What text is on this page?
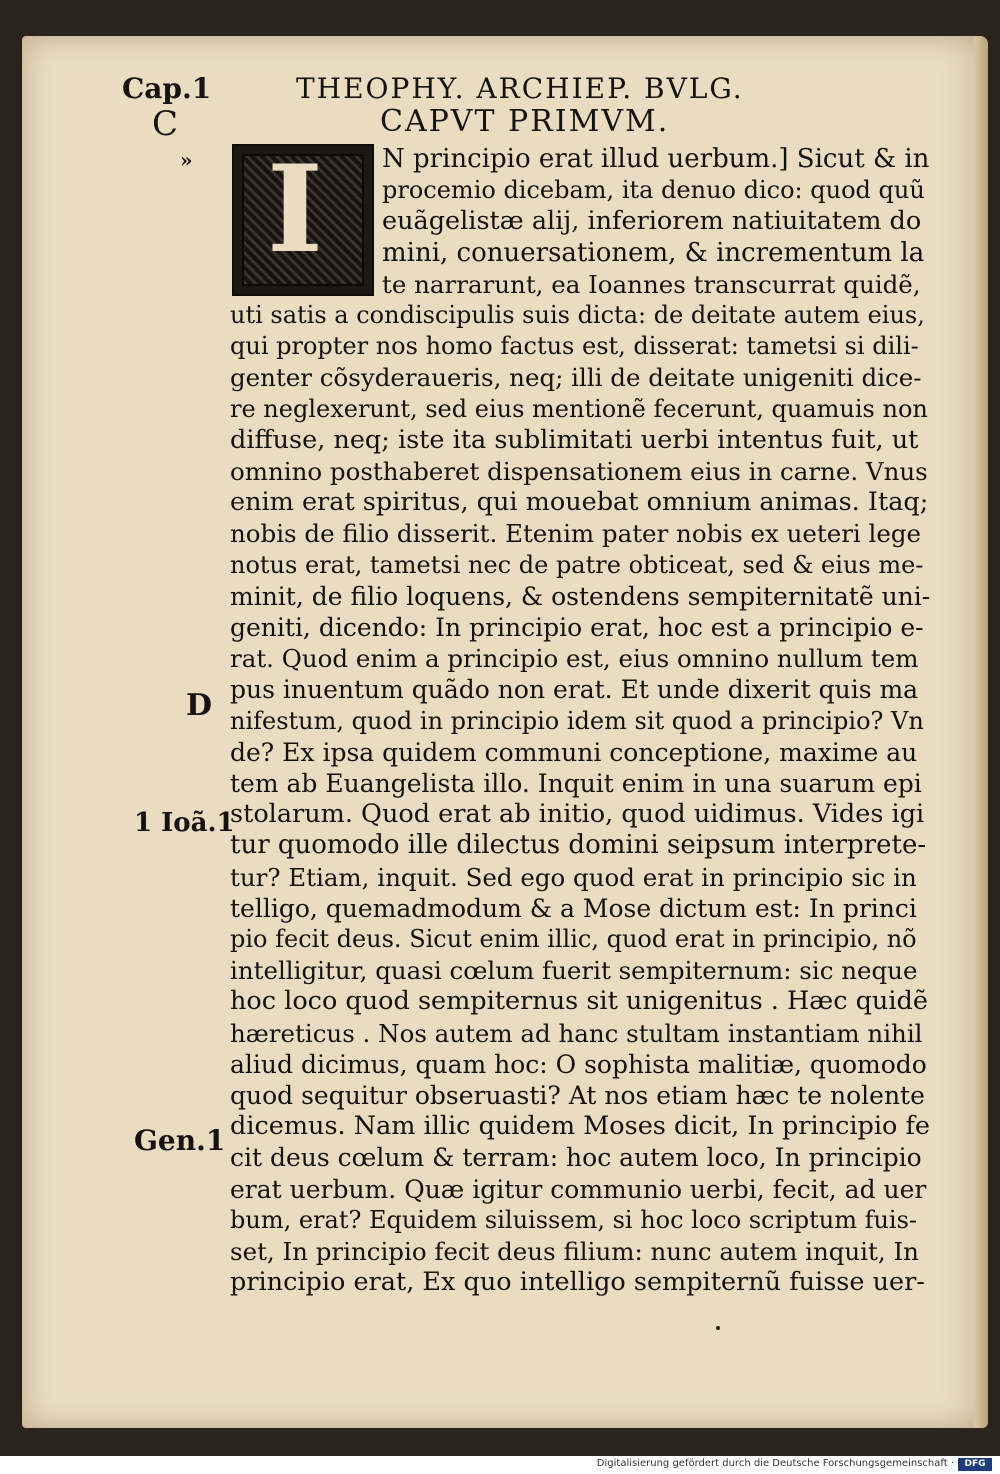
Cap.1	THEOPHY. ARCHIEP. BVLG.
CAPVT PRIMVM.
C
»
D
1 Ioã.1
Gen.1
I N principio erat illud uerbum.] Sicut & in
procemio dicebam, ita denuo dico: quod quũ
euãgelistæ alij, inferiorem natiuitatem do
mini, conuersationem, & incrementum la
te narrarunt, ea Ioannes transcurrat quidẽ,
uti satis a condiscipulis suis dicta: de deitate autem eius,
qui propter nos homo factus est, disserat: tametsi si dili-
genter cõsyderaueris, neq; illi de deitate unigeniti dice-
re neglexerunt, sed eius mentionẽ fecerunt, quamuis non
diffuse, neq; iste ita sublimitati uerbi intentus fuit, ut
omnino posthaberet dispensationem eius in carne. Vnus
enim erat spiritus, qui mouebat omnium animas. Itaq;
nobis de filio disserit. Etenim pater nobis ex ueteri lege
notus erat, tametsi nec de patre obticeat, sed & eius me-
minit, de filio loquens, & ostendens sempiternitatẽ uni-
geniti, dicendo: In principio erat, hoc est a principio e-
rat. Quod enim a principio est, eius omnino nullum tem
pus inuentum quãdo non erat. Et unde dixerit quis ma
nifestum, quod in principio idem sit quod a principio? Vn
de? Ex ipsa quidem communi conceptione, maxime au
tem ab Euangelista illo. Inquit enim in una suarum epi
stolarum. Quod erat ab initio, quod uidimus. Vides igi
tur quomodo ille dilectus domini seipsum interprete-
tur? Etiam, inquit. Sed ego quod erat in principio sic in
telligo, quemadmodum & a Mose dictum est: In princi
pio fecit deus. Sicut enim illic, quod erat in principio, nõ
intelligitur, quasi cœlum fuerit sempiternum: sic neque
hoc loco quod sempiternus sit unigenitus . Hæc quidẽ
hæreticus . Nos autem ad hanc stultam instantiam nihil
aliud dicimus, quam hoc: O sophista malitiæ, quomodo
quod sequitur obseruasti? At nos etiam hæc te nolente
dicemus. Nam illic quidem Moses dicit, In principio fe
cit deus cœlum & terram: hoc autem loco, In principio
erat uerbum. Quæ igitur communio uerbi, fecit, ad uer
bum, erat? Equidem siluissem, si hoc loco scriptum fuis-
set, In principio fecit deus filium: nunc autem inquit, In
principio erat, Ex quo intelligo sempiternũ fuisse uer-
Digitalisierung gefördert durch die Deutsche Forschungsgemeinschaft ·	DFG
